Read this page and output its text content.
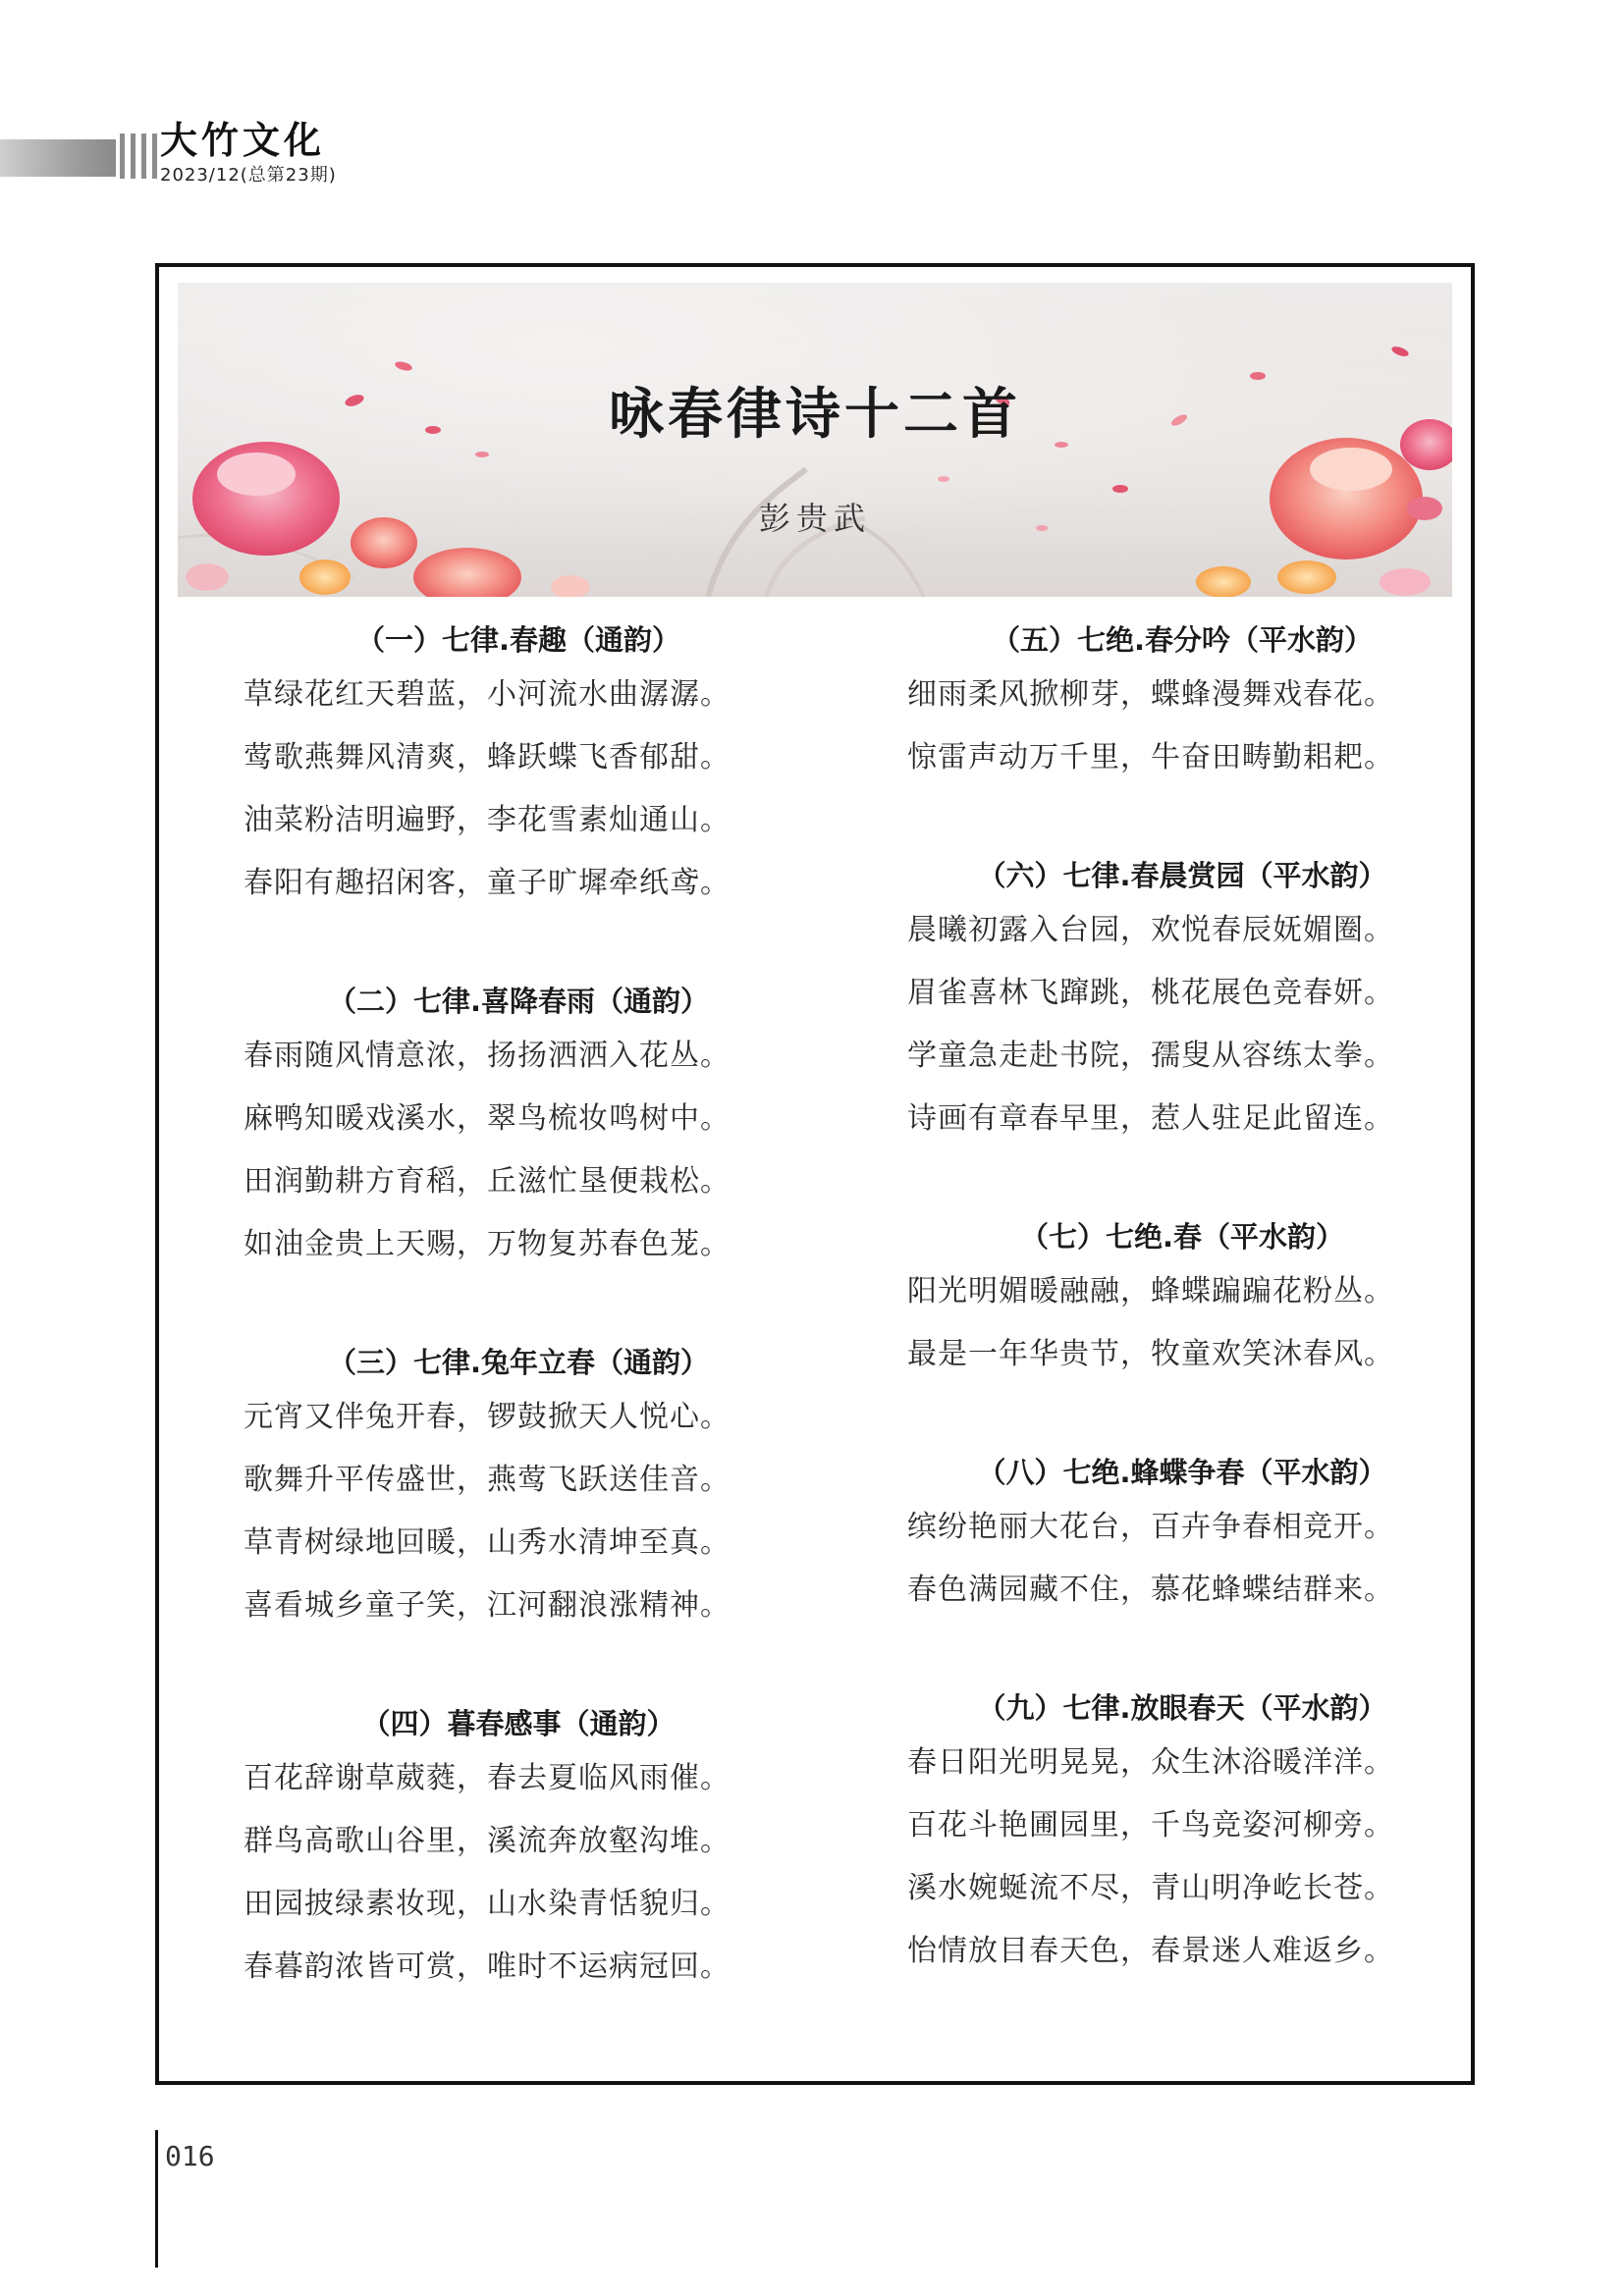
大竹文化
2023/12(总第23期)
咏春律诗十二首
彭贵武
（一）七律.春趣（通韵）
草绿花红天碧蓝，小河流水曲潺潺。
莺歌燕舞风清爽，蜂跃蝶飞香郁甜。
油菜粉洁明遍野，李花雪素灿通山。
春阳有趣招闲客，童子旷墀牵纸鸢。
（二）七律.喜降春雨（通韵）
春雨随风情意浓，扬扬洒洒入花丛。
麻鸭知暖戏溪水，翠鸟梳妆鸣树中。
田润勤耕方育稻，丘滋忙垦便栽松。
如油金贵上天赐，万物复苏春色茏。
（三）七律.兔年立春（通韵）
元宵又伴兔开春，锣鼓掀天人悦心。
歌舞升平传盛世，燕莺飞跃送佳音。
草青树绿地回暖，山秀水清坤至真。
喜看城乡童子笑，江河翻浪涨精神。
（四）暮春感事（通韵）
百花辞谢草葳蕤，春去夏临风雨催。
群鸟高歌山谷里，溪流奔放壑沟堆。
田园披绿素妆现，山水染青恬貌归。
春暮韵浓皆可赏，唯时不运病冠回。
（五）七绝.春分吟（平水韵）
细雨柔风掀柳芽，蝶蜂漫舞戏春花。
惊雷声动万千里，牛奋田畴勤耜耙。
（六）七律.春晨赏园（平水韵）
晨曦初露入台园，欢悦春辰妩媚圈。
眉雀喜林飞蹿跳，桃花展色竞春妍。
学童急走赴书院，孺叟从容练太拳。
诗画有章春早里，惹人驻足此留连。
（七）七绝.春（平水韵）
阳光明媚暖融融，蜂蝶蹁蹁花粉丛。
最是一年华贵节，牧童欢笑沐春风。
（八）七绝.蜂蝶争春（平水韵）
缤纷艳丽大花台，百卉争春相竞开。
春色满园藏不住，慕花蜂蝶结群来。
（九）七律.放眼春天（平水韵）
春日阳光明晃晃，众生沐浴暖洋洋。
百花斗艳圃园里，千鸟竞姿河柳旁。
溪水婉蜒流不尽，青山明净屹长苍。
怡情放目春天色，春景迷人难返乡。
016
